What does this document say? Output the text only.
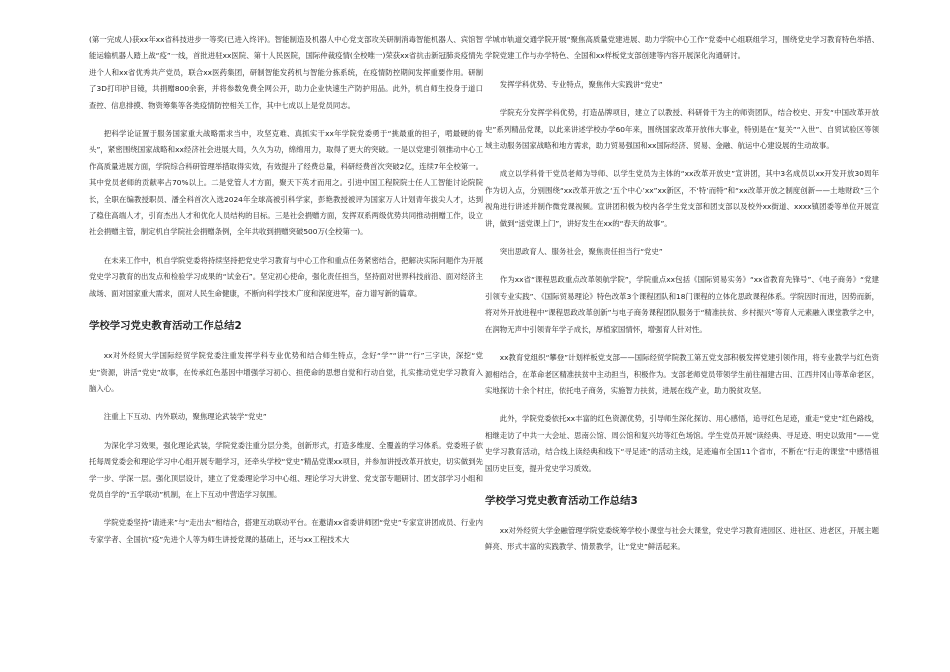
(第一完成人)获xx年xx省科技进步一等奖(已进入终评)。智能制造及机器人中心党支部攻关研制消毒智能机器人、宾馆智能运输机器人踏上战“疫”一线，首批进驻xx医院、第十人民医院，国际仲裁疫情(全校唯一)荣获xx省抗击新冠肺炎疫情先进个人和xx省优秀共产党员，联合xx医药集团，研制智能发药机与智能分拣系统，在疫情防控期间发挥重要作用。研制了3D打印护目镜，共捐赠800余套，并将参数免费全网公开，助力企业快速生产防护用品。此外，机自师生投身于道口查控、信息排摸、物资筹集等各类疫情防控相关工作，其中七成以上是党员同志。

把科学论证置于服务国家重大战略需求当中，攻坚克难、真抓实干xx年学院党委勇于“挑最重的担子，啃最硬的骨头”，紧密围绕国家战略和xx经济社会进展大局，久久为功，绵绵用力，取得了更大的突破。一是以党建引领推动中心工作高质量进展方面，学院综合科研管理举措取得实效，有效提升了经费总量，科研经费首次突破2亿，连续7年全校第一。其中党员老师的贡献率占70%以上。二是党管人才方面，聚天下英才而用之。引进中国工程院院士任人工智能讨论院院长，全职在编教授职员、潘全科首次入选2024年全球高被引科学家，彭艳教授被评为国家万人计划青年拔尖人才，达到了稳住高端人才，引育杰出人才和优化人员结构的目标。三是社会捐赠方面，发挥双系两级优势共同推动捐赠工作，设立社会捐赠主管，制定机自学院社会捐赠条例，全年共收到捐赠突破500万(全校第一)。

在未来工作中，机自学院党委将持续坚持把党史学习教育与中心工作和重点任务紧密结合，把解决实际问题作为开展党史学习教育的出发点和检验学习成果的“试金石”。坚定初心使命，强化责任担当，坚持面对世界科技前沿、面对经济主战场、面对国家重大需求，面对人民生命健康，不断向科学技术广度和深度进军，奋力谱写新的篇章。

学校学习党史教育活动工作总结2

xx对外经贸大学国际经贸学院党委注重发挥学科专业优势和结合师生特点，念好“学”“讲”“行”三字诀，深挖“党史”资源，讲活“党史”故事，在传承红色基因中增强学习初心、担使命的思想自觉和行动自觉，扎实推动党史学习教育入脑入心。

注重上下互动、内外联动，聚焦理论武装学“党史”

为深化学习效果，强化理论武装，学院党委注重分层分类，创新形式，打造多维度、全覆盖的学习体系。党委班子依托每周党委会和理论学习中心组开展专题学习，还牵头学校“党史”精品党课xx项目，并参加讲授改革开放史，切实做到先学一步、学深一层。强化顶层设计，建立了党委理论学习中心组、理论学习大讲堂、党支部专题研讨、团支部学习小组和党员自学的“五学联动”机制，在上下互动中营造学习氛围。

学院党委坚持“请进来”与“走出去”相结合，搭建互动联动平台。在邀请xx省委讲师团“党史”专家宣讲团成员、行业内专家学者、全国抗“疫”先进个人等为师生讲授党课的基础上，还与xx工程技术大

学城市轨道交通学院开展“聚焦高质量党建进展、助力学院中心工作”党委中心组联组学习，围绕党史学习教育特色举措、学院党建工作与办学特色、全国和xx样板党支部创建等内容开展深化沟通研讨。

发挥学科优势、专业特点，聚焦伟大实践讲“党史”

学院充分发挥学科优势，打造品牌项目，建立了以教授、科研骨干为主的师资团队，结合校史、开发“中国改革开放史”系列精品党课，以此来讲述学校办学60年来，围绕国家改革开放伟大事业，特别是在“复关”“入世”、自贸试验区等领域主动服务国家战略和地方需求，助力贸易强国和xx国际经济、贸易、金融、航运中心建设展的生动故事。

成立以学科骨干党员老师为导师、以学生党员为主体的“xx改革开放史”宣讲团，其中3名成员以xx开发开放30周年作为切入点，分别围绕“xx改革开放之‘五个中心’xx”xx新区，不‘特’而特”和“xx改革开放之制度创新——土地财政”三个视角进行讲述并制作微党课视频。宣讲团积极为校内各学生党支部和团支部以及校外xx街道、xxxx镇团委等单位开展宣讲，做到“送党课上门”，讲好发生在xx的“春天的故事”。

突出思政育人、服务社会，聚焦责任担当行“党史”

作为xx省“课程思政重点改革领航学院”，学院重点xx包括《国际贸易实务》“xx省教育先锋号”、《电子商务》“党建引领专业实践”、《国际贸易理论》特色改革3个课程团队和18门课程的立体化思政课程体系。学院因时而进，因势而新，将对外开放进程中“课程思政改革创新”与电子商务课程团队服务于“精准扶贫、乡村振兴”等育人元素融入课堂教学之中，在润物无声中引领青年学子成长，厚植家国情怀，增强育人针对性。

xx教育党组织“攀登”计划样板党支部——国际经贸学院教工第五党支部积极发挥党建引领作用，将专业教学与红色资源相结合，在革命老区精准扶贫中主动担当，积极作为。支部老师党员带领学生前往福建古田、江西井冈山等革命老区，实地探访十余个村庄，依托电子商务，实施智力扶贫，进展在线产业，助力脱贫攻坚。

此外，学院党委依托xx丰富的红色资源优势，引导师生深化探访、用心感悟，追寻红色足迹，重走“党史”红色路线，相继走访了中共一大会址、思南公馆、周公馆和复兴坊等红色场馆。学生党员开展“读经典、寻足迹、明史以致用”——党史学习教育活动，结合线上读经典和线下“寻足迹”的活动主线，足迹遍布全国11个省市，不断在“行走的课堂”中感悟祖国历史巨变，提升党史学习质效。

学校学习党史教育活动工作总结3

xx对外经贸大学金融管理学院党委统筹学校小课堂与社会大课堂，党史学习教育进园区、进社区、进老区，开展主题鲜亮、形式丰富的实践教学、情景教学，让“党史”鲜活起来。
